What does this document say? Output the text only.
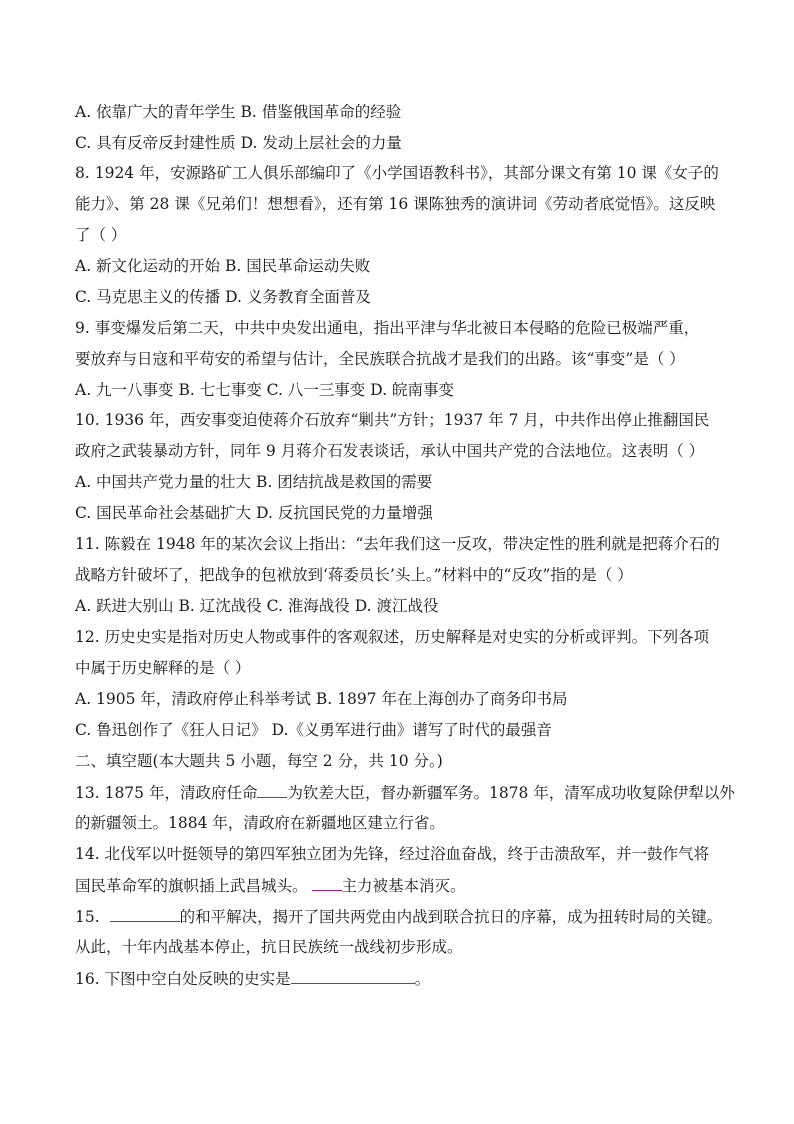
A. 依靠广大的青年学生 B. 借鉴俄国革命的经验
C. 具有反帝反封建性质 D. 发动上层社会的力量
8. 1924 年，安源路矿工人俱乐部编印了《小学国语教科书》，其部分课文有第 10 课《女子的
能力》、第 28 课《兄弟们！想想看》，还有第 16 课陈独秀的演讲词《劳动者底觉悟》。这反映
了（ ）
A. 新文化运动的开始 B. 国民革命运动失败
C. 马克思主义的传播 D. 义务教育全面普及
9. 事变爆发后第二天，中共中央发出通电，指出平津与华北被日本侵略的危险已极端严重，
要放弃与日寇和平苟安的希望与估计，全民族联合抗战才是我们的出路。该“事变”是（ ）
A. 九一八事变 B. 七七事变 C. 八一三事变 D. 皖南事变
10. 1936 年，西安事变迫使蒋介石放弃“剿共”方针；1937 年 7 月，中共作出停止推翻国民
政府之武装暴动方针，同年 9 月蒋介石发表谈话，承认中国共产党的合法地位。这表明（ ）
A. 中国共产党力量的壮大 B. 团结抗战是救国的需要
C. 国民革命社会基础扩大 D. 反抗国民党的力量增强
11. 陈毅在 1948 年的某次会议上指出：“去年我们这一反攻，带决定性的胜利就是把蒋介石的
战略方针破坏了，把战争的包袱放到‘蒋委员长’头上。”材料中的“反攻”指的是（ ）
A. 跃进大别山 B. 辽沈战役 C. 淮海战役 D. 渡江战役
12. 历史史实是指对历史人物或事件的客观叙述，历史解释是对史实的分析或评判。下列各项
中属于历史解释的是（ ）
A. 1905 年，清政府停止科举考试 B. 1897 年在上海创办了商务印书局
C. 鲁迅创作了《狂人日记》 D.《义勇军进行曲》谱写了时代的最强音
二、填空题(本大题共 5 小题，每空 2 分，共 10 分。)
13. 1875 年，清政府任命 为钦差大臣，督办新疆军务。1878 年，清军成功收复除伊犁以外
的新疆领土。1884 年，清政府在新疆地区建立行省。
14. 北伐军以叶挺领导的第四军独立团为先锋，经过浴血奋战，终于击溃敌军，并一鼓作气将
国民革命军的旗帜插上武昌城头。 主力被基本消灭。
15.	的和平解决，揭开了国共两党由内战到联合抗日的序幕，成为扭转时局的关键。
从此，十年内战基本停止，抗日民族统一战线初步形成。
16. 下图中空白处反映的史实是	。
